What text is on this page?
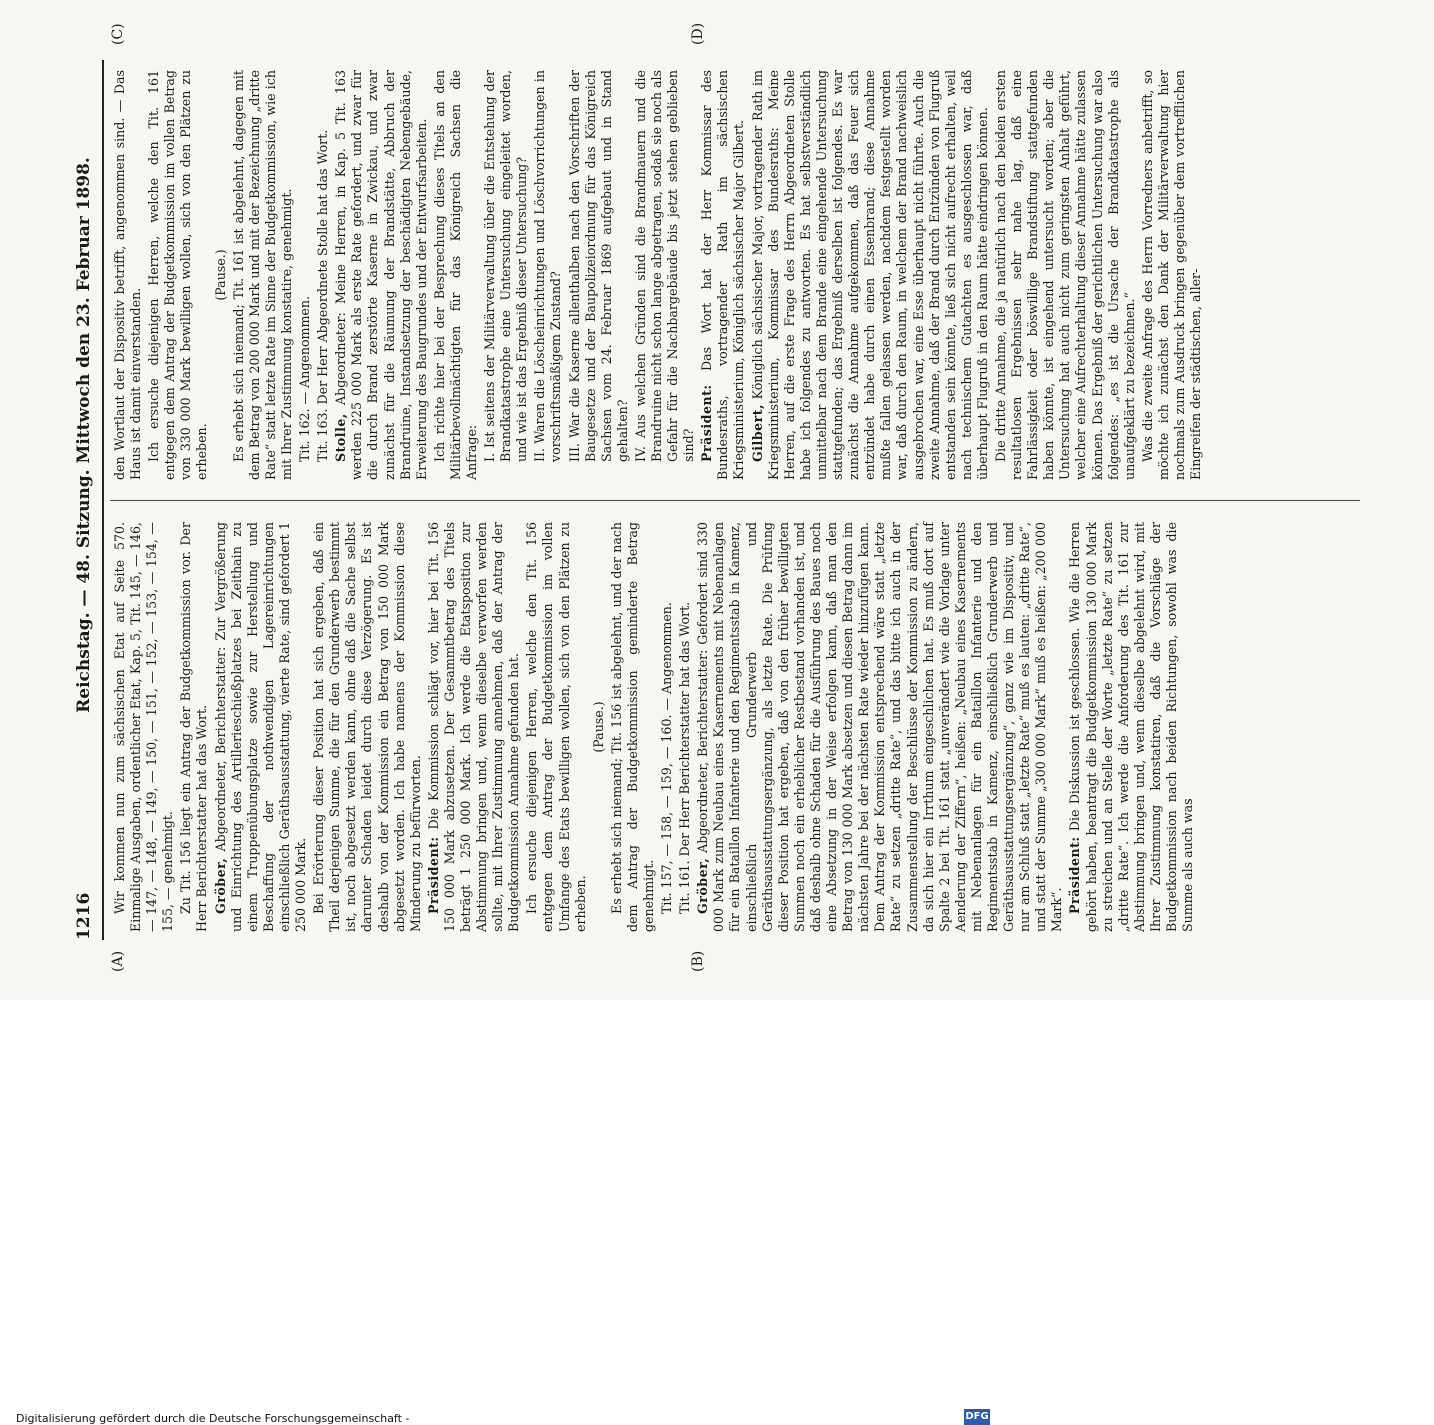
1216
Reichstag. — 48. Sitzung. Mittwoch den 23. Februar 1898.
(A)	(B)
(C)	(D)

Wir kommen nun zum sächsischen Etat auf Seite 570. Einmalige Ausgaben, ordentlicher Etat, Kap. 5, Tit. 145, — 146, — 147, — 148, — 149, — 150, — 151, — 152, — 153, — 154, — 155, — genehmigt. Zu Tit. 156 liegt ein Antrag der Budgetkommission vor. Der Herr Berichterstatter hat das Wort. Gröber, Abgeordneter, Berichterstatter: Zur Vergrößerung und Einrichtung des Artillerieschießplatzes bei Zeithain zu einem Truppenübungsplatze sowie zur Herstellung und Beschaffung der nothwendigen Lagereinrichtungen einschließlich Geräthsausstattung, vierte Rate, sind gefordert 1 250 000 Mark. Bei Erörterung dieser Position hat sich ergeben, daß ein Theil derjenigen Summe, die für den Grunderwerb bestimmt ist, noch abgesetzt werden kann, ohne daß die Sache selbst darunter Schaden leidet durch diese Verzögerung. Es ist deshalb von der Kommission ein Betrag von 150 000 Mark abgesetzt worden. Ich habe namens der Kommission diese Minderung zu befürworten. Präsident: Die Kommission schlägt vor, hier bei Tit. 156 150 000 Mark abzusetzen. Der Gesammtbetrag des Titels beträgt 1 250 000 Mark. Ich werde die Etatsposition zur Abstimmung bringen und, wenn dieselbe verworfen werden sollte, mit Ihrer Zustimmung annehmen, daß der Antrag der Budgetkommission Annahme gefunden hat. Ich ersuche diejenigen Herren, welche den Tit. 156 entgegen dem Antrag der Budgetkommission im vollen Umfange des Etats bewilligen wollen, sich von den Plätzen zu erheben.

(Pause.) Es erhebt sich niemand; Tit. 156 ist abgelehnt, und der nach dem Antrag der Budgetkommission geminderte Betrag genehmigt. Tit. 157, — 158, — 159, — 160. — Angenommen. Tit. 161. Der Herr Berichterstatter hat das Wort. Gröber, Abgeordneter, Berichterstatter: Gefordert sind 330 000 Mark zum Neubau eines Kasernements mit Nebenanlagen für ein Bataillon Infanterie und den Regimentsstab in Kamenz, einschließlich Grunderwerb und Geräthsausstattungsergänzung, als letzte Rate. Die Prüfung dieser Position hat ergeben, daß von den früher bewilligten Summen noch ein erheblicher Restbestand vorhanden ist, und daß deshalb ohne Schaden für die Ausführung des Baues noch eine Absetzung in der Weise erfolgen kann, daß man den Betrag von 130 000 Mark absetzen und diesen Betrag dann im nächsten Jahre bei der nächsten Rate wieder hinzufügen kann. Dem Antrag der Kommission entsprechend wäre statt „letzte Rate“ zu setzen „dritte Rate“, und das bitte ich auch in der Zusammenstellung der Beschlüsse der Kommission zu ändern, da sich hier ein Irrthum eingeschlichen hat. Es muß dort auf Spalte 2 bei Tit. 161 statt „unverändert wie die Vorlage unter Aenderung der Ziffern“, heißen: „Neubau eines Kasernements mit Nebenanlagen für ein Bataillon Infanterie und den Regimentsstab in Kamenz, einschließlich Grunderwerb und Geräthsausstattungsergänzung“, ganz wie im Dispositiv, und nur am Schluß statt „letzte Rate“ muß es lauten: „dritte Rate“, und statt der Summe „300 000 Mark“ muß es heißen: „200 000 Mark“. Präsident: Die Diskussion ist geschlossen. Wie die Herren gehört haben, beantragt die Budgetkommission 130 000 Mark zu streichen und an Stelle der Worte „letzte Rate“ zu setzen „dritte Rate“. Ich werde die Anforderung des Tit. 161 zur Abstimmung bringen und, wenn dieselbe abgelehnt wird, mit Ihrer Zustimmung konstatiren, daß die Vorschläge der Budgetkommission nach beiden Richtungen, sowohl was die Summe als auch was

den Wortlaut der Dispositiv betrifft, angenommen sind. — Das Haus ist damit einverstanden. Ich ersuche diejenigen Herren, welche den Tit. 161 entgegen dem Antrag der Budgetkommission im vollen Betrag von 330 000 Mark bewilligen wollen, sich von den Plätzen zu erheben.

(Pause.) Es erhebt sich niemand; Tit. 161 ist abgelehnt, dagegen mit dem Betrag von 200 000 Mark und mit der Bezeichnung „dritte Rate“ statt letzte Rate im Sinne der Budgetkommission, wie ich mit Ihrer Zustimmung konstatire, genehmigt. Tit. 162. — Angenommen. Tit. 163. Der Herr Abgeordnete Stolle hat das Wort. Stolle, Abgeordneter: Meine Herren, in Kap. 5 Tit. 163 werden 225 000 Mark als erste Rate gefordert, und zwar für die durch Brand zerstörte Kaserne in Zwickau, und zwar zunächst für die Räumung der Brandstätte, Abbruch der Brandruine, Instandsetzung der beschädigten Nebengebäude, Erweiterung des Baugrundes und der Entwurfsarbeiten. Ich richte hier bei der Besprechung dieses Titels an den Militärbevollmächtigten für das Königreich Sachsen die Anfrage: I. Ist seitens der Militärverwaltung über die Entstehung der Brandkatastrophe eine Untersuchung eingeleitet worden, und wie ist das Ergebniß dieser Untersuchung? II. Waren die Löscheinrichtungen und Löschvorrichtungen in vorschriftsmäßigem Zustand? III. War die Kaserne allenthalben nach den Vorschriften der Baugesetze und der Baupolizeiordnung für das Königreich Sachsen vom 24. Februar 1869 aufgebaut und in Stand gehalten? IV. Aus welchen Gründen sind die Brandmauern und die Brandruine nicht schon lange abgetragen, sodaß sie noch als Gefahr für die Nachbargebäude bis jetzt stehen geblieben sind? Präsident: Das Wort hat der Herr Kommissar des Bundesraths, vortragender Rath im sächsischen Kriegsministerium, Königlich sächsischer Major Gilbert. Gilbert, Königlich sächsischer Major, vortragender Rath im Kriegsministerium, Kommissar des Bundesraths: Meine Herren, auf die erste Frage des Herrn Abgeordneten Stolle habe ich folgendes zu antworten. Es hat selbstverständlich unmittelbar nach dem Brande eine eingehende Untersuchung stattgefunden; das Ergebniß derselben ist folgendes. Es war zunächst die Annahme aufgekommen, daß das Feuer sich entzündet habe durch einen Essenbrand; diese Annahme mußte fallen gelassen werden, nachdem festgestellt worden war, daß durch den Raum, in welchem der Brand nachweislich ausgebrochen war, eine Esse überhaupt nicht führte. Auch die zweite Annahme, daß der Brand durch Entzünden von Flugruß entstanden sein könnte, ließ sich nicht aufrecht erhalten, weil nach technischem Gutachten es ausgeschlossen war, daß überhaupt Flugruß in den Raum hätte eindringen können. Die dritte Annahme, die ja natürlich nach den beiden ersten resultatlosen Ergebnissen sehr nahe lag, daß eine Fahrlässigkeit oder böswillige Brandstiftung stattgefunden haben könnte, ist eingehend untersucht worden; aber die Untersuchung hat auch nicht zum geringsten Anhalt geführt, welcher eine Aufrechterhaltung dieser Annahme hätte zulassen können. Das Ergebniß der gerichtlichen Untersuchung war also folgendes: „es ist die Ursache der Brandkatastrophe als unaufgeklärt zu bezeichnen.“ Was die zweite Anfrage des Herrn Vorredners anbetrifft, so möchte ich zunächst den Dank der Militärverwaltung hier nochmals zum Ausdruck bringen gegenüber dem vortrefflichen Eingreifen der städtischen, aller-

Digitalisierung gefördert durch die Deutsche Forschungsgemeinschaft -	DFG
